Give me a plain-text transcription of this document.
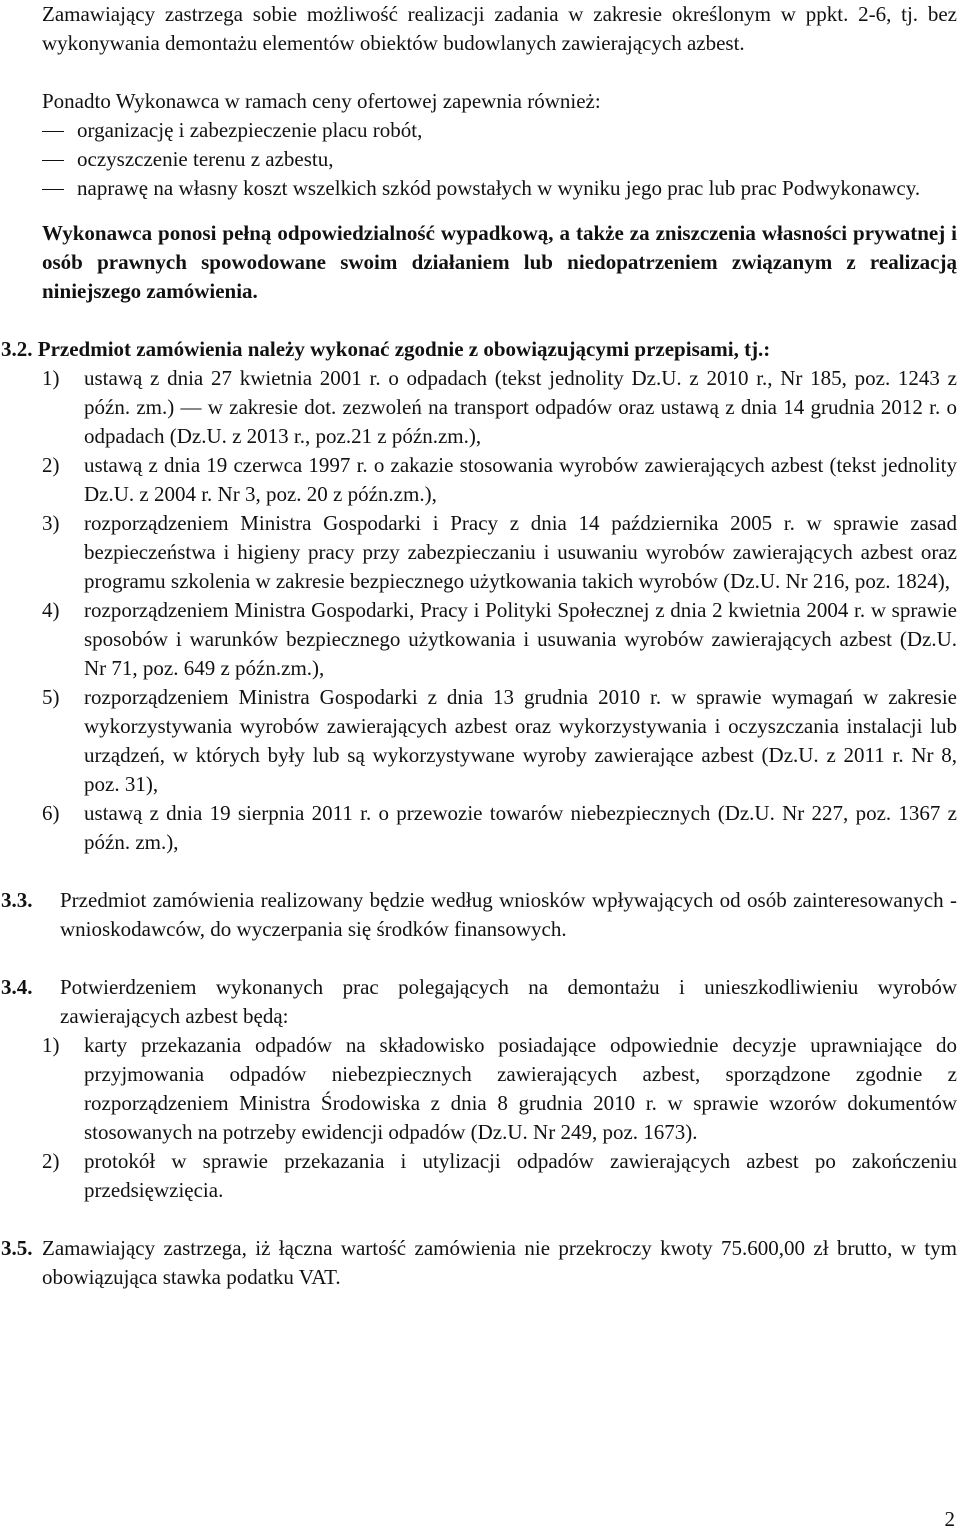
Zamawiający zastrzega sobie możliwość realizacji zadania w zakresie określonym w ppkt. 2-6, tj. bez wykonywania demontażu elementów obiektów budowlanych zawierających azbest.

Ponadto Wykonawca w ramach ceny ofertowej zapewnia również:

organizację i zabezpieczenie placu robót,
oczyszczenie terenu z azbestu,
naprawę na własny koszt wszelkich szkód powstałych w wyniku jego prac lub prac Podwykonawcy.

Wykonawca ponosi pełną odpowiedzialność wypadkową, a także za zniszczenia własności prywatnej i osób prawnych spowodowane swoim działaniem lub niedopatrzeniem związanym z realizacją niniejszego zamówienia.

3.2. Przedmiot zamówienia należy wykonać zgodnie z obowiązującymi przepisami, tj.:

1) ustawą z dnia 27 kwietnia 2001 r. o odpadach (tekst jednolity Dz.U. z 2010 r., Nr 185, poz. 1243 z późn. zm.) — w zakresie dot. zezwoleń na transport odpadów oraz ustawą z dnia 14 grudnia 2012 r. o odpadach (Dz.U. z 2013 r., poz.21 z późn.zm.),
2) ustawą z dnia 19 czerwca 1997 r. o zakazie stosowania wyrobów zawierających azbest (tekst jednolity Dz.U. z 2004 r. Nr 3, poz. 20 z późn.zm.),
3) rozporządzeniem Ministra Gospodarki i Pracy z dnia 14 października 2005 r. w sprawie zasad bezpieczeństwa i higieny pracy przy zabezpieczaniu i usuwaniu wyrobów zawierających azbest oraz programu szkolenia w zakresie bezpiecznego użytkowania takich wyrobów (Dz.U. Nr 216, poz. 1824),
4) rozporządzeniem Ministra Gospodarki, Pracy i Polityki Społecznej z dnia 2 kwietnia 2004 r. w sprawie sposobów i warunków bezpiecznego użytkowania i usuwania wyrobów zawierających azbest (Dz.U. Nr 71, poz. 649 z późn.zm.),
5) rozporządzeniem Ministra Gospodarki z dnia 13 grudnia 2010 r. w sprawie wymagań w zakresie wykorzystywania wyrobów zawierających azbest oraz wykorzystywania i oczyszczania instalacji lub urządzeń, w których były lub są wykorzystywane wyroby zawierające azbest (Dz.U. z 2011 r. Nr 8, poz. 31),
6) ustawą z dnia 19 sierpnia 2011 r. o przewozie towarów niebezpiecznych (Dz.U. Nr 227, poz. 1367 z późn. zm.),
3.3. Przedmiot zamówienia realizowany będzie według wniosków wpływających od osób zainteresowanych - wnioskodawców, do wyczerpania się środków finansowych.
3.4. Potwierdzeniem wykonanych prac polegających na demontażu i unieszkodliwieniu wyrobów zawierających azbest będą:
1) karty przekazania odpadów na składowisko posiadające odpowiednie decyzje uprawniające do przyjmowania odpadów niebezpiecznych zawierających azbest, sporządzone zgodnie z rozporządzeniem Ministra Środowiska z dnia 8 grudnia 2010 r. w sprawie wzorów dokumentów stosowanych na potrzeby ewidencji odpadów (Dz.U. Nr 249, poz. 1673).
2) protokół w sprawie przekazania i utylizacji odpadów zawierających azbest po zakończeniu przedsięwzięcia.
3.5. Zamawiający zastrzega, iż łączna wartość zamówienia nie przekroczy kwoty 75.600,00 zł brutto, w tym obowiązująca stawka podatku VAT.
2
